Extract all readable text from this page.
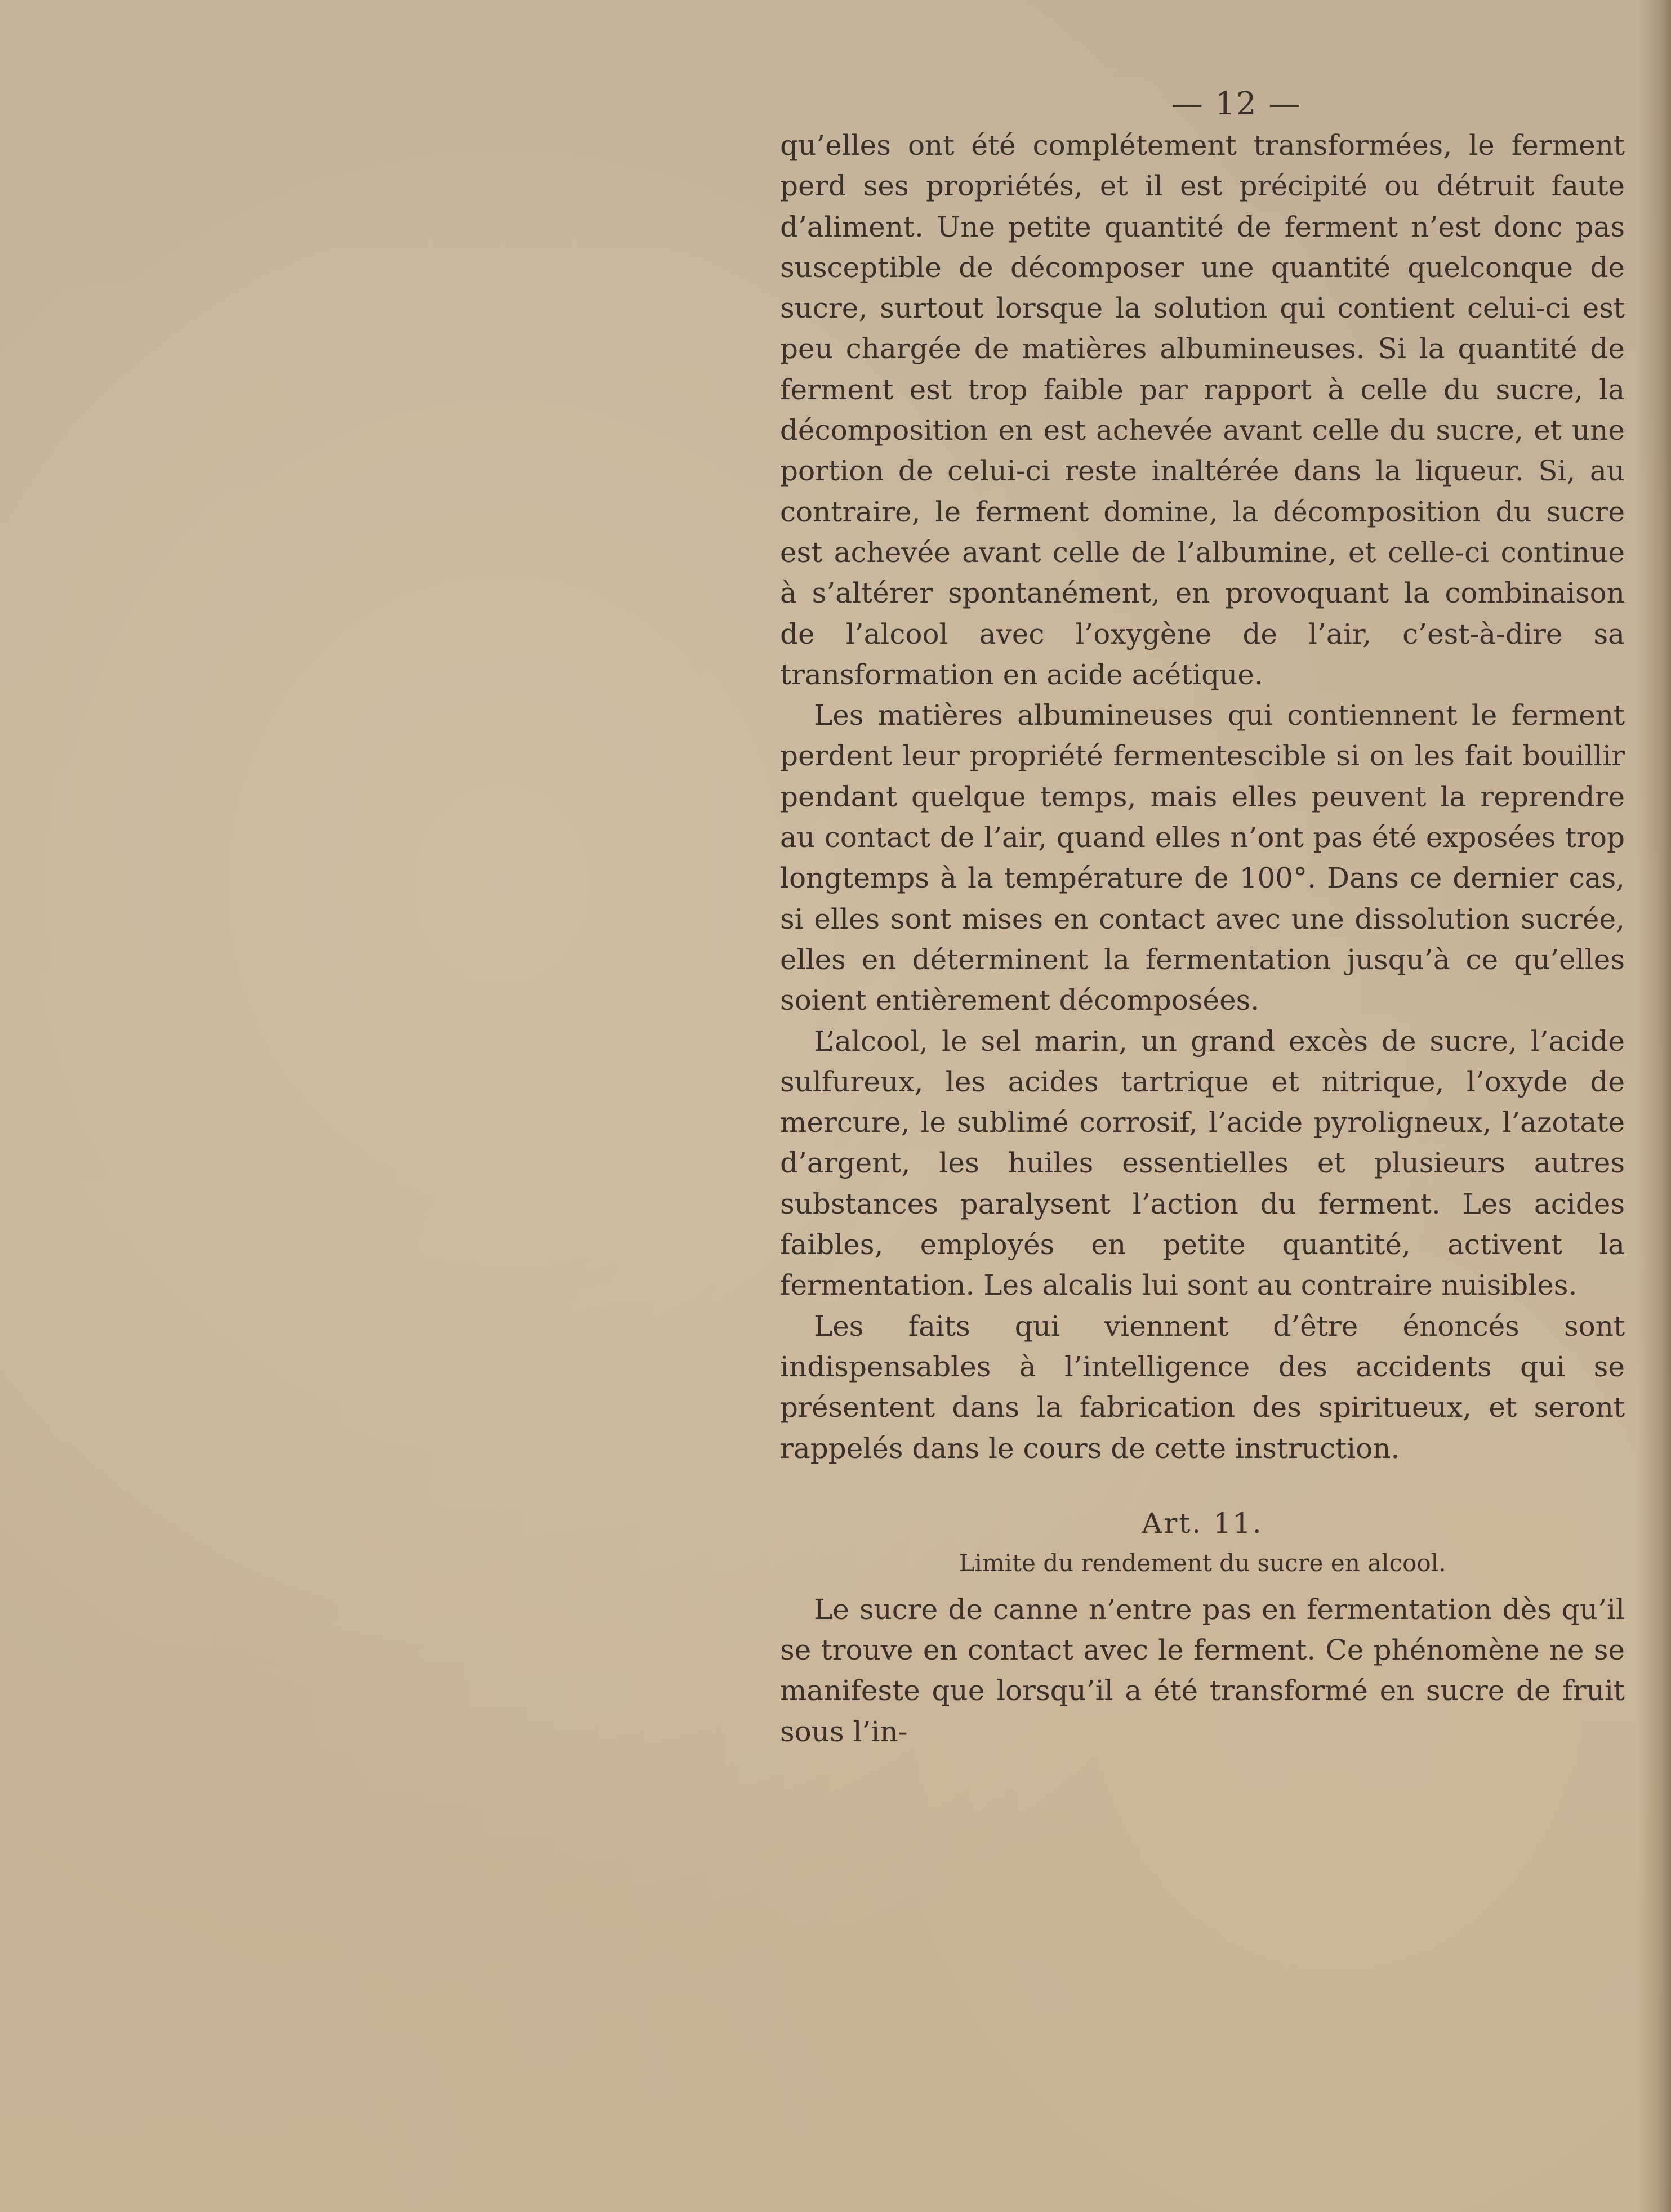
— 12 —

qu’elles ont été complétement transformées, le ferment perd ses propriétés, et il est précipité ou détruit faute d’aliment. Une petite quantité de ferment n’est donc pas susceptible de décomposer une quantité quelconque de sucre, surtout lorsque la solution qui contient celui-ci est peu chargée de matières albumineuses. Si la quantité de ferment est trop faible par rapport à celle du sucre, la décomposition en est achevée avant celle du sucre, et une portion de celui-ci reste inaltérée dans la liqueur. Si, au contraire, le ferment domine, la décomposition du sucre est achevée avant celle de l’albumine, et celle-ci continue à s’altérer spontanément, en provoquant la combinaison de l’alcool avec l’oxygène de l’air, c’est-à-dire sa transformation en acide acétique.

Les matières albumineuses qui contiennent le ferment perdent leur propriété fermentescible si on les fait bouillir pendant quelque temps, mais elles peuvent la reprendre au contact de l’air, quand elles n’ont pas été exposées trop longtemps à la température de 100°. Dans ce dernier cas, si elles sont mises en contact avec une dissolution sucrée, elles en déterminent la fermentation jusqu’à ce qu’elles soient entièrement décomposées.

L’alcool, le sel marin, un grand excès de sucre, l’acide sulfureux, les acides tartrique et nitrique, l’oxyde de mercure, le sublimé corrosif, l’acide pyroligneux, l’azotate d’argent, les huiles essentielles et plusieurs autres substances paralysent l’action du ferment. Les acides faibles, employés en petite quantité, activent la fermentation. Les alcalis lui sont au contraire nuisibles.

Les faits qui viennent d’être énoncés sont indispensables à l’intelligence des accidents qui se présentent dans la fabrication des spiritueux, et seront rappelés dans le cours de cette instruction.

Art. 11.
Limite du rendement du sucre en alcool.

Le sucre de canne n’entre pas en fermentation dès qu’il se trouve en contact avec le ferment. Ce phénomène ne se manifeste que lorsqu’il a été transformé en sucre de fruit sous l’in-
